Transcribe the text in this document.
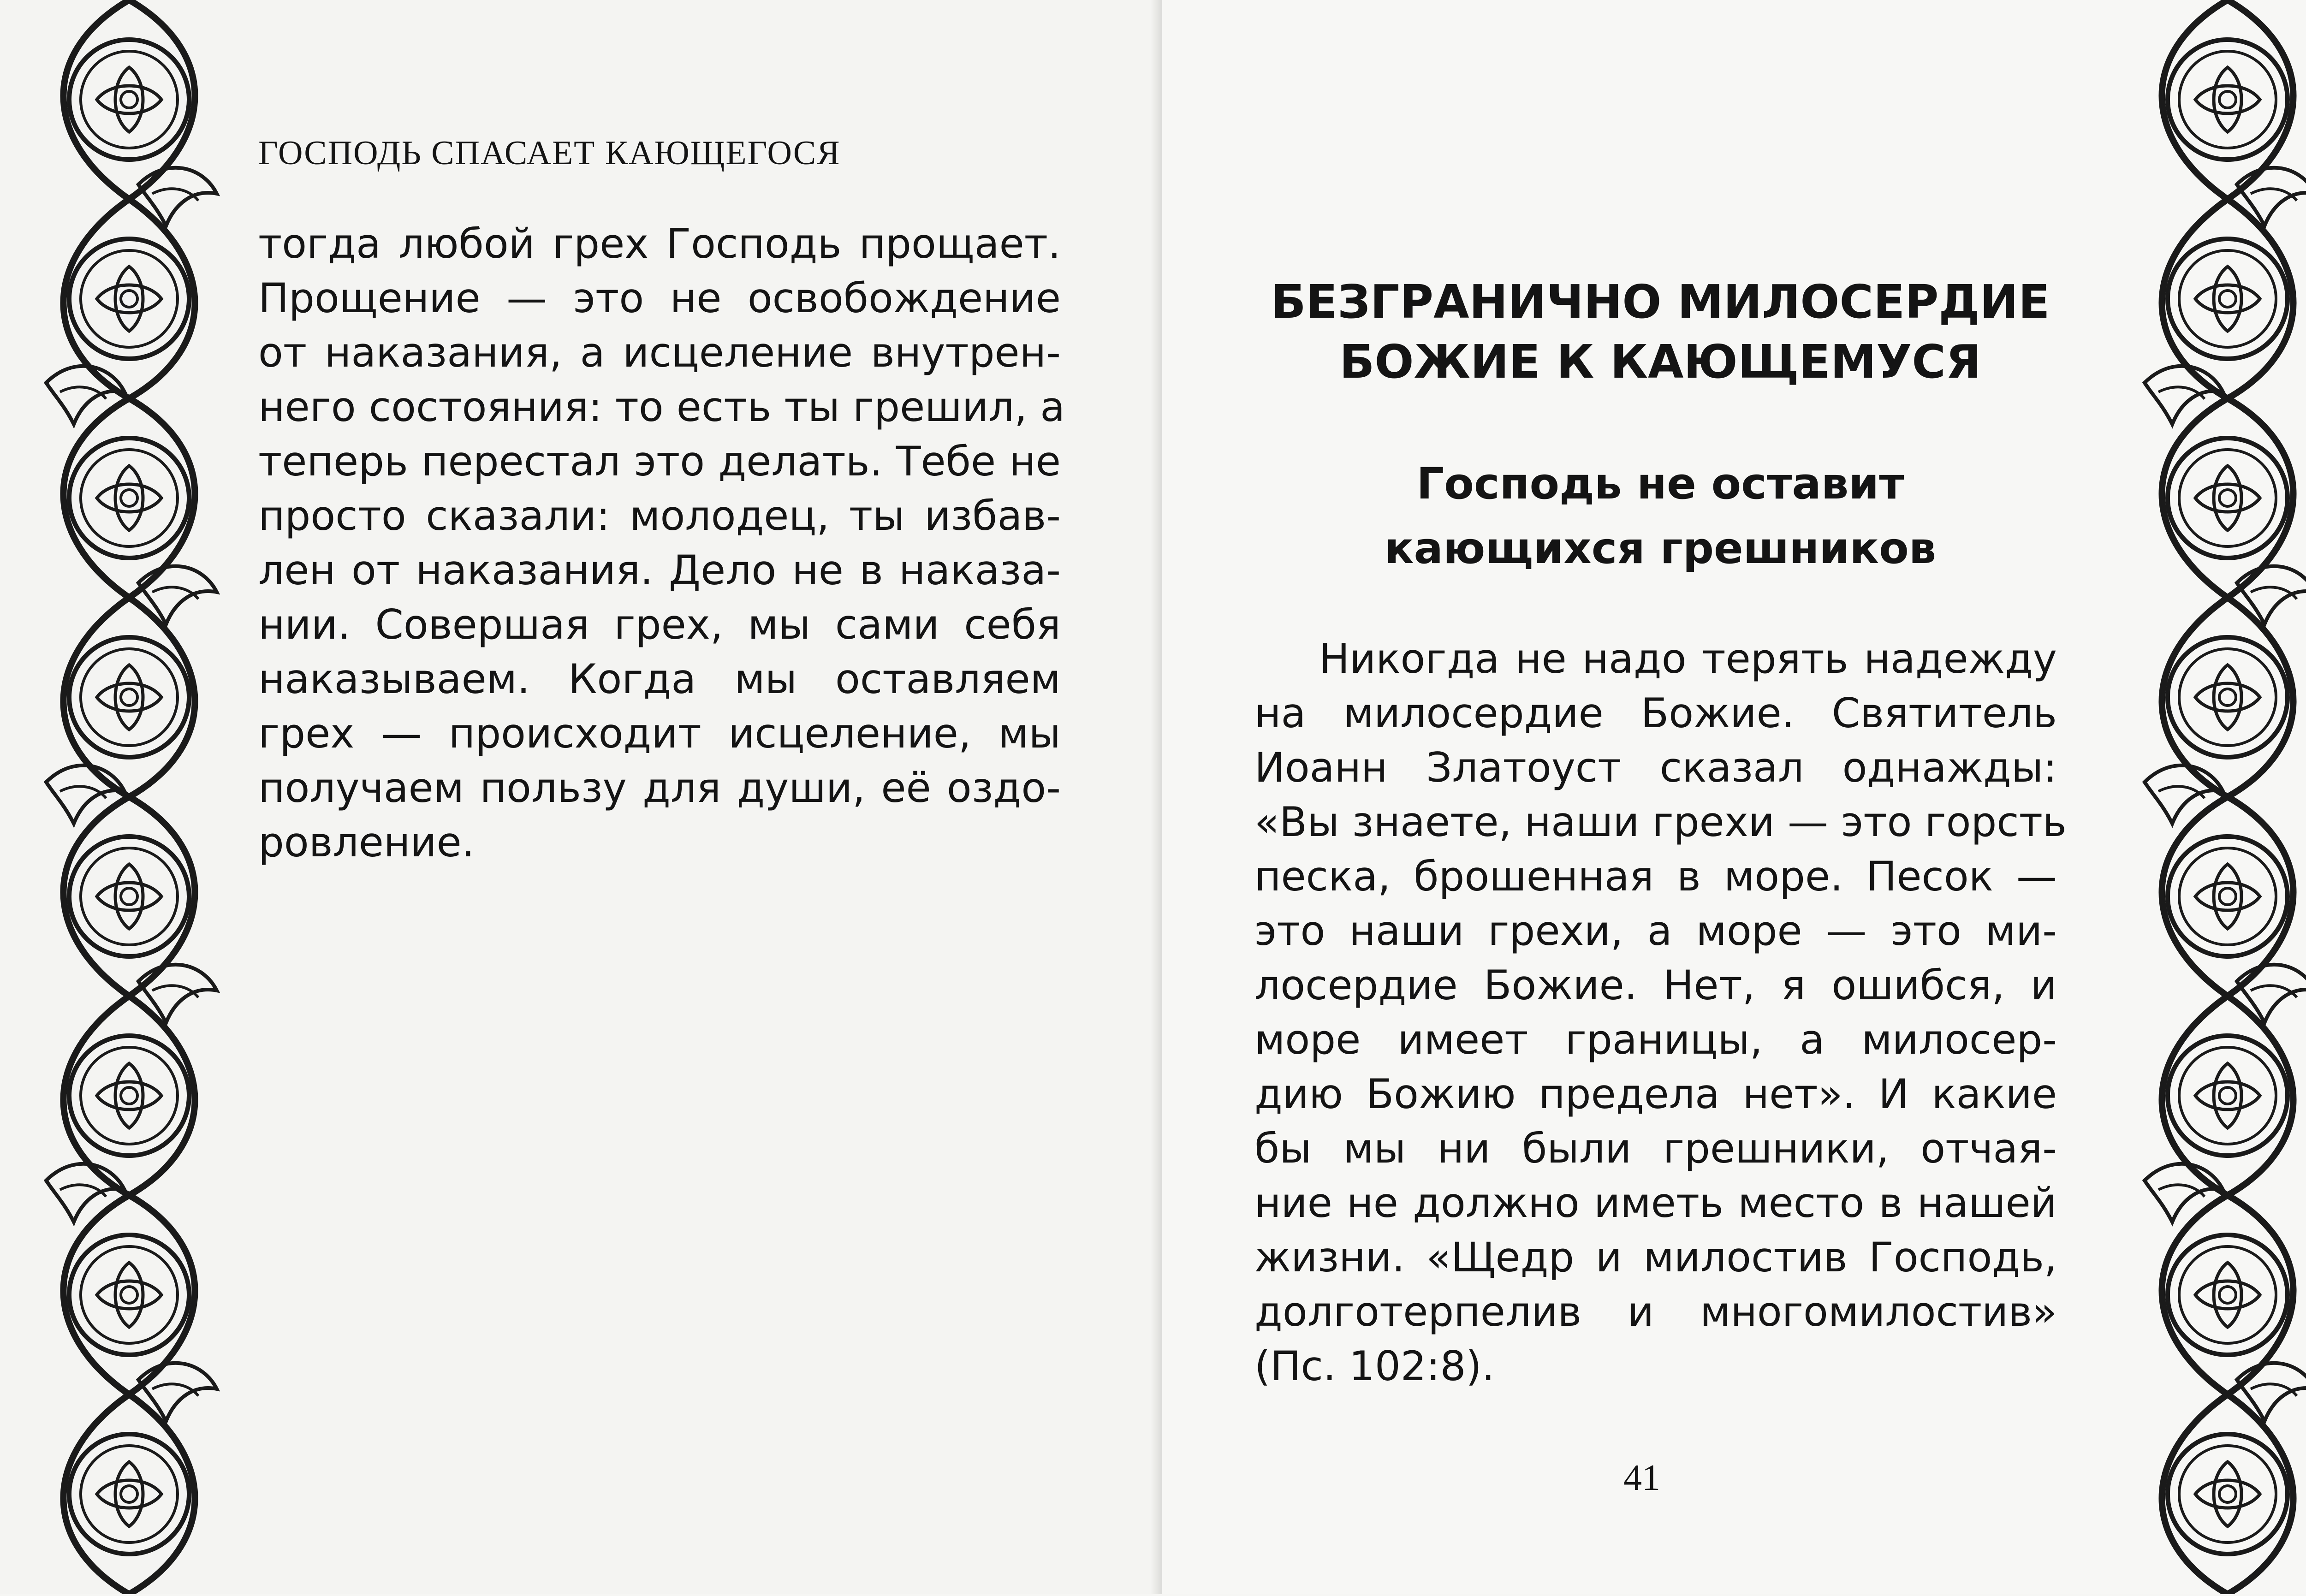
ГОСПОДЬ СПАСАЕТ КАЮЩЕГОСЯ
тогда любой грех Господь прощает.
Прощение — это не освобождение
от наказания, а исцеление внутрен-
него состояния: то есть ты грешил, а
теперь перестал это делать. Тебе не
просто сказали: молодец, ты избав-
лен от наказания. Дело не в наказа-
нии. Совершая грех, мы сами себя
наказываем. Когда мы оставляем
грех — происходит исцеление, мы
получаем пользу для души, её оздо-
ровление.
БЕЗГРАНИЧНО МИЛОСЕРДИЕ
БОЖИЕ К КАЮЩЕМУСЯ
Господь не оставит
кающихся грешников
Никогда не надо терять надежду
на милосердие Божие. Святитель
Иоанн Златоуст сказал однажды:
«Вы знаете, наши грехи — это горсть
песка, брошенная в море. Песок —
это наши грехи, а море — это ми-
лосердие Божие. Нет, я ошибся, и
море имеет границы, а милосер-
дию Божию предела нет». И какие
бы мы ни были грешники, отчая-
ние не должно иметь место в нашей
жизни. «Щедр и милостив Господь,
долготерпелив и многомилостив»
(Пс. 102:8).
41
